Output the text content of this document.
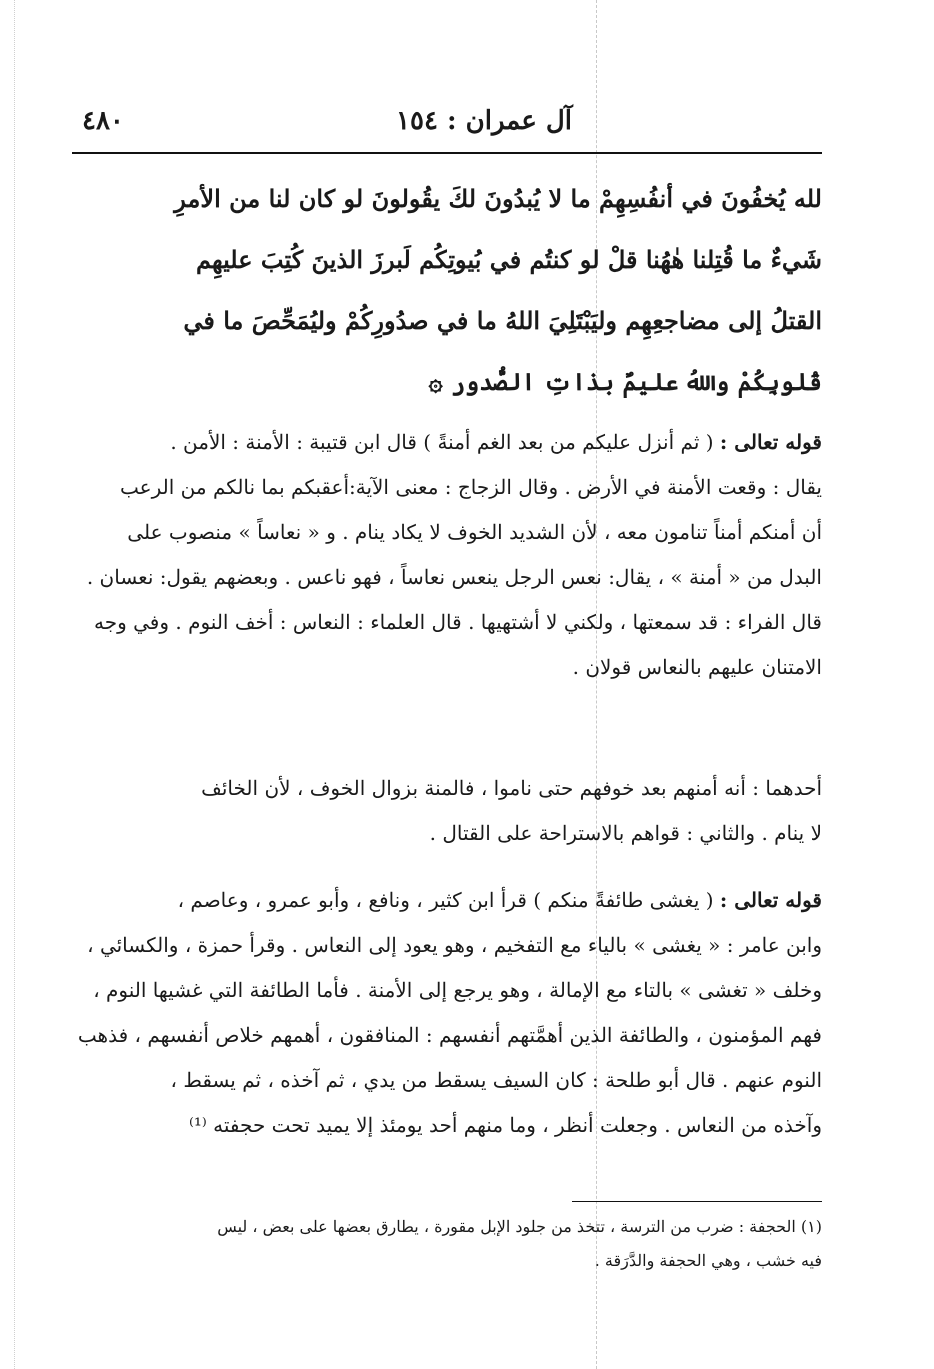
آل عمران : ١٥٤
٤٨٠
لله يُخفُونَ في أنفُسِهِمْ ما لا يُبدُونَ لكَ يقُولونَ لو كان لنا من الأمرِ
شَيءٌ ما قُتِلنا هٰهُنا قلْ لو كنتُم في بُيوتِكُم لَبرزَ الذينَ كُتِبَ عليهِم
القتلُ إلى مضاجعِهِم وليَبْتَلِيَ اللهُ ما في صدُورِكُمْ وليُمَحِّصَ ما في
قُلوبِكُمْ واللهُ عليمٌ بذاتِ الصُّدور ۞
قوله تعالى : ( ثم أنزل عليكم من بعد الغم أمنةً ) قال ابن قتيبة : الأمنة : الأمن .
يقال : وقعت الأمنة في الأرض . وقال الزجاج : معنى الآية:أعقبكم بما نالكم من الرعب
أن أمنكم أمناً تنامون معه ، لأن الشديد الخوف لا يكاد ينام . و « نعاساً » منصوب على
البدل من « أمنة » ، يقال: نعس الرجل ينعس نعاساً ، فهو ناعس . وبعضهم يقول: نعسان .
قال الفراء : قد سمعتها ، ولكني لا أشتهيها . قال العلماء : النعاس : أخف النوم . وفي وجه
الامتنان عليهم بالنعاس قولان .
أحدهما : أنه أمنهم بعد خوفهم حتى ناموا ، فالمنة بزوال الخوف ، لأن الخائف
لا ينام . والثاني : قواهم بالاستراحة على القتال .
قوله تعالى : ( يغشى طائفةً منكم ) قرأ ابن كثير ، ونافع ، وأبو عمرو ، وعاصم ،
وابن عامر : « يغشى » بالياء مع التفخيم ، وهو يعود إلى النعاس . وقرأ حمزة ، والكسائي ،
وخلف « تغشى » بالتاء مع الإمالة ، وهو يرجع إلى الأمنة . فأما الطائفة التي غشيها النوم ،
فهم المؤمنون ، والطائفة الذين أهمَّتهم أنفسهم : المنافقون ، أهمهم خلاص أنفسهم ، فذهب
النوم عنهم . قال أبو طلحة : كان السيف يسقط من يدي ، ثم آخذه ، ثم يسقط ،
وآخذه من النعاس . وجعلت أنظر ، وما منهم أحد يومئذ إلا يميد تحت حجفته ⁽¹⁾
(١) الحجفة : ضرب من الترسة ، تتخذ من جلود الإبل مقورة ، يطارق بعضها على بعض ، ليس
فيه خشب ، وهي الحجفة والدَّرَقة .
